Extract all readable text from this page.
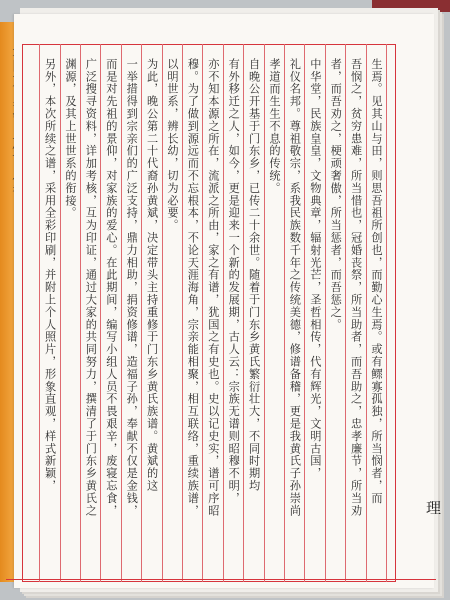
生焉。见其山与田，则思吾祖所创也，而勤心生焉。或有鳏寡孤独，所当悯者，而
吾悯之，贫穷患难，所当惜也，冠婚丧祭，所当助者，而吾助之，忠孝廉节，所当劝
者，而吾劝之，梗顽奢傲，所当惩者，而吾惩之。
中华堂，民族皇皇，文物典章，辐射光芒，圣哲相传，代有辉光，文明古国，
礼仪名邦。尊祖敬宗，系我民族数千年之传统美德，修谱备稽，更是我黄氏子孙崇尚
孝道而生生不息的传统。
自晚公开基于门东乡，已传二十余世。随着于门东乡黄氏繁衍壮大，不同时期均
有外移迁之人，如今，更是迎来一个新的发展期，古人云：宗族无谱则昭穆不明，
亦不知本源之所在，流派之所由，家之有谱，犹国之有史也。史以记史实，谱可序昭
穆。为了做到源远而不忘根本，不论天涯海角，宗亲能相聚，相互联络，重续族谱，
以明世系，辨长幼，切为必要。
为此，晚公第二十代裔孙黄斌，决定带头主持重修于门东乡黄氏族谱。黄斌的这
一举措得到宗亲们的广泛支持，鼎力相助，捐资修谱，造福子孙，奉献不仅是金钱，
而是对先祖的景仰，对家族的爱心。在此期间，编写小组人员不畏艰辛，废寝忘食，
广泛搜寻资料，详加考核，互为印证，通过大家的共同努力，撰清了于门东乡黄氏之
渊源，及其上世世系的衔接。
另外，本次所续之谱，采用全彩印刷，并附上个人照片，形象直观，样式新颖，
理
